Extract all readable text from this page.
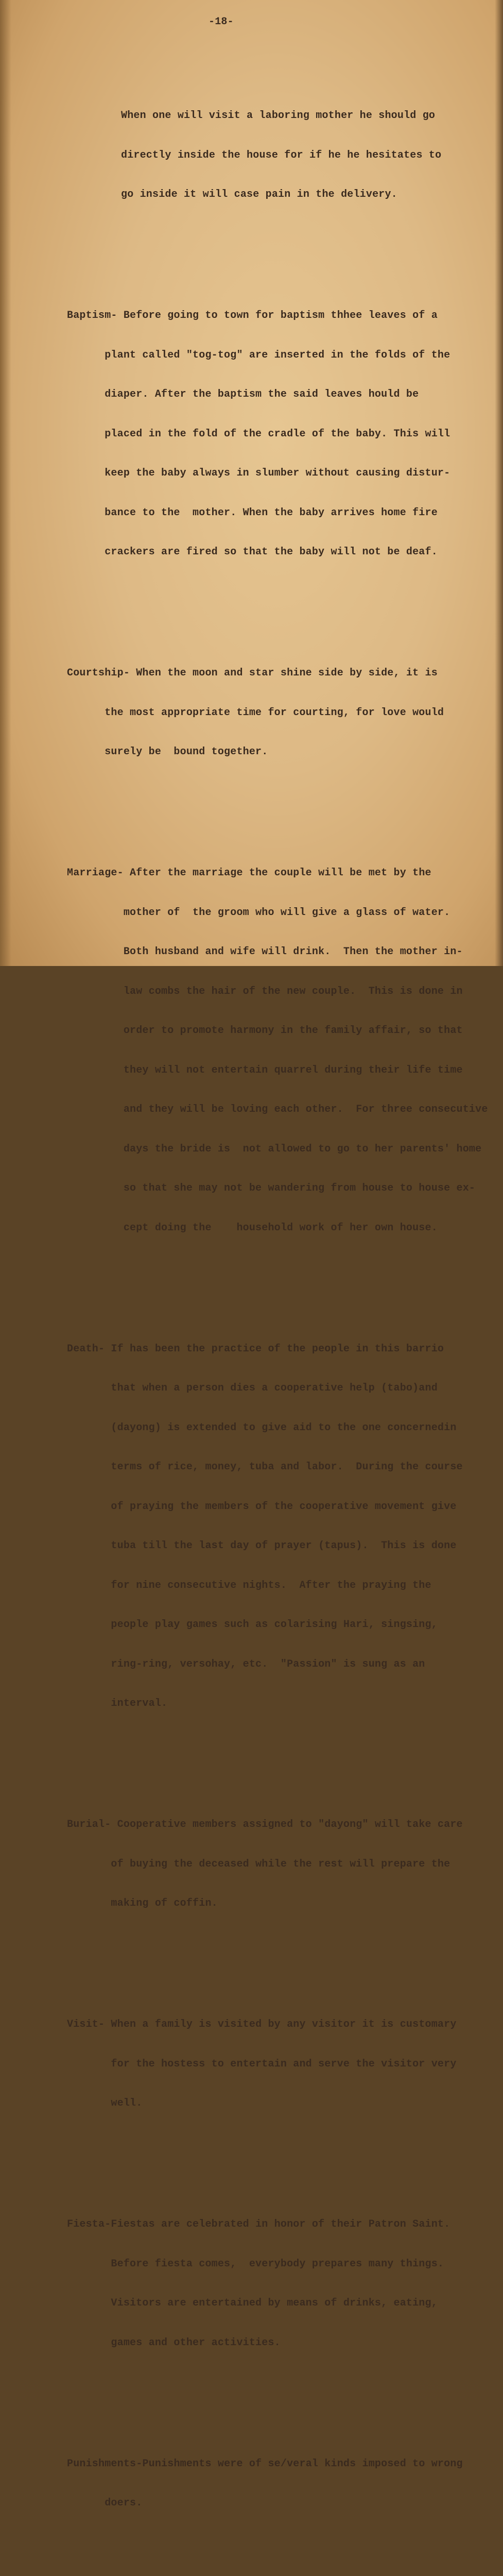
-18-

When one will visit a laboring mother he should go

directly inside the house for if he he hesitates to

go inside it will case pain in the delivery.

Baptism- Before going to town for baptism thhee leaves of a

plant called "tog-tog" are inserted in the folds of the

diaper. After the baptism the said leaves hould be

placed in the fold of the cradle of the baby. This will

keep the baby always in slumber without causing distur-

bance to the  mother. When the baby arrives home fire

crackers are fired so that the baby will not be deaf.

Courtship- When the moon and star shine side by side, it is

the most appropriate time for courting, for love would

surely be  bound together.

Marriage- After the marriage the couple will be met by the

mother of  the groom who will give a glass of water.

Both husband and wife will drink.  Then the mother in-

law combs the hair of the new couple.  This is done in

order to promote harmony in the family affair, so that

they will not entertain quarrel during their life time

and they will be loving each other.  For three consecutive

days the bride is  not allowed to go to her parents' home

so that she may not be wandering from house to house ex-

cept doing the    household work of her own house.

Death- If has been the practice of the people in this barrio

that when a person dies a cooperative help (tabo)and

(dayong) is extended to give aid to the one concernedin

terms of rice, money, tuba and labor.  During the course

of praying the members of the cooperative movement give

tuba till the last day of prayer (tapus).  This is done

for nine consecutive nights.  After the praying the

people play games such as colarising Hari, singsing,

ring-ring, versohay, etc.  "Passion" is sung as an

interval.

Burial- Cooperative members assigned to "dayong" will take care

of buying the deceased while the rest will prepare the

making of coffin.

Visit- When a family is visited by any visitor it is customary

for the hostess to entertain and serve the visitor very

well.

Fiesta-Fiestas are celebrated in honor of their Patron Saint.

Before fiesta comes,  everybody prepares many things.

Visitors are entertained by means of drinks, eating,

games and other activities.

Punishments-Punishments were of se/veral kinds imposed to wrong

doers.
